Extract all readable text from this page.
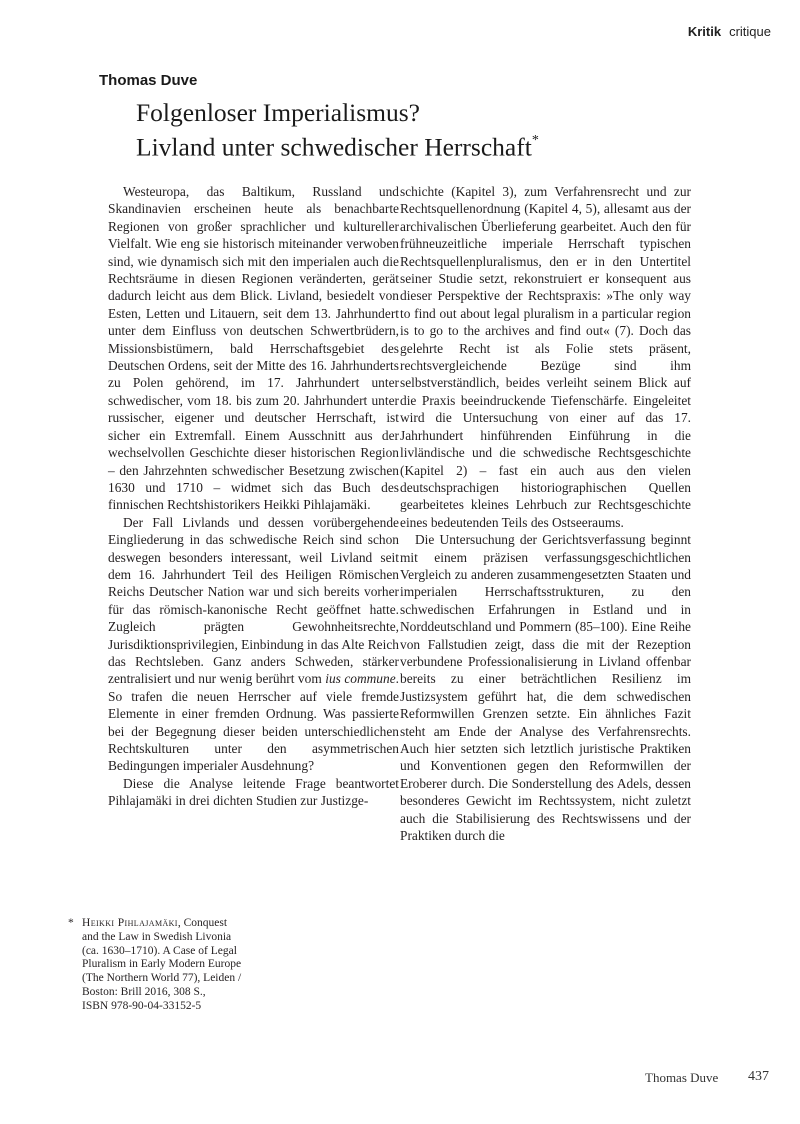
Kritik critique
Thomas Duve
Folgenloser Imperialismus?
Livland unter schwedischer Herrschaft*

Westeuropa, das Baltikum, Russland und Skandinavien erscheinen heute als benachbarte Regionen von großer sprachlicher und kultureller Vielfalt. Wie eng sie historisch miteinander verwoben sind, wie dynamisch sich mit den imperialen auch die Rechtsräume in diesen Regionen veränderten, gerät dadurch leicht aus dem Blick. Livland, besiedelt von Esten, Letten und Litauern, seit dem 13. Jahrhundert unter dem Einfluss von deutschen Schwertbrüdern, Missionsbistümern, bald Herrschaftsgebiet des Deutschen Ordens, seit der Mitte des 16. Jahrhunderts zu Polen gehörend, im 17. Jahrhundert unter schwedischer, vom 18. bis zum 20. Jahrhundert unter russischer, eigener und deutscher Herrschaft, ist sicher ein Extremfall. Einem Ausschnitt aus der wechselvollen Geschichte dieser historischen Region – den Jahrzehnten schwedischer Besetzung zwischen 1630 und 1710 – widmet sich das Buch des finnischen Rechtshistorikers Heikki Pihlajamäki.

Der Fall Livlands und dessen vorübergehende Eingliederung in das schwedische Reich sind schon deswegen besonders interessant, weil Livland seit dem 16. Jahrhundert Teil des Heiligen Römischen Reichs Deutscher Nation war und sich bereits vorher für das römisch-kanonische Recht geöffnet hatte. Zugleich prägten Gewohnheitsrechte, Jurisdiktionsprivilegien, Einbindung in das Alte Reich das Rechtsleben. Ganz anders Schweden, stärker zentralisiert und nur wenig berührt vom ius commune. So trafen die neuen Herrscher auf viele fremde Elemente in einer fremden Ordnung. Was passierte bei der Begegnung dieser beiden unterschiedlichen Rechtskulturen unter den asymmetrischen Bedingungen imperialer Ausdehnung?

Diese die Analyse leitende Frage beantwortet Pihlajamäki in drei dichten Studien zur Justizge-

schichte (Kapitel 3), zum Verfahrensrecht und zur Rechtsquellenordnung (Kapitel 4, 5), allesamt aus der archivalischen Überlieferung gearbeitet. Auch den für frühneuzeitliche imperiale Herrschaft typischen Rechtsquellenpluralismus, den er in den Untertitel seiner Studie setzt, rekonstruiert er konsequent aus dieser Perspektive der Rechtspraxis: »The only way to find out about legal pluralism in a particular region is to go to the archives and find out« (7). Doch das gelehrte Recht ist als Folie stets präsent, rechtsvergleichende Bezüge sind ihm selbstverständlich, beides verleiht seinem Blick auf die Praxis beeindruckende Tiefenschärfe. Eingeleitet wird die Untersuchung von einer auf das 17. Jahrhundert hinführenden Einführung in die livländische und die schwedische Rechtsgeschichte (Kapitel 2) – fast ein auch aus den vielen deutschsprachigen historiographischen Quellen gearbeitetes kleines Lehrbuch zur Rechtsgeschichte eines bedeutenden Teils des Ostseeraums.

Die Untersuchung der Gerichtsverfassung beginnt mit einem präzisen verfassungsgeschichtlichen Vergleich zu anderen zusammengesetzten Staaten und imperialen Herrschaftsstrukturen, zu den schwedischen Erfahrungen in Estland und in Norddeutschland und Pommern (85–100). Eine Reihe von Fallstudien zeigt, dass die mit der Rezeption verbundene Professionalisierung in Livland offenbar bereits zu einer beträchtlichen Resilienz im Justizsystem geführt hat, die dem schwedischen Reformwillen Grenzen setzte. Ein ähnliches Fazit steht am Ende der Analyse des Verfahrensrechts. Auch hier setzten sich letztlich juristische Praktiken und Konventionen gegen den Reformwillen der Eroberer durch. Die Sonderstellung des Adels, dessen besonderes Gewicht im Rechtssystem, nicht zuletzt auch die Stabilisierung des Rechtswissens und der Praktiken durch die

* Heikki Pihlajamäki, Conquest
and the Law in Swedish Livonia
(ca. 1630–1710). A Case of Legal
Pluralism in Early Modern Europe
(The Northern World 77), Leiden /
Boston: Brill 2016, 308 S.,
ISBN 978-90-04-33152-5
Thomas Duve 437
